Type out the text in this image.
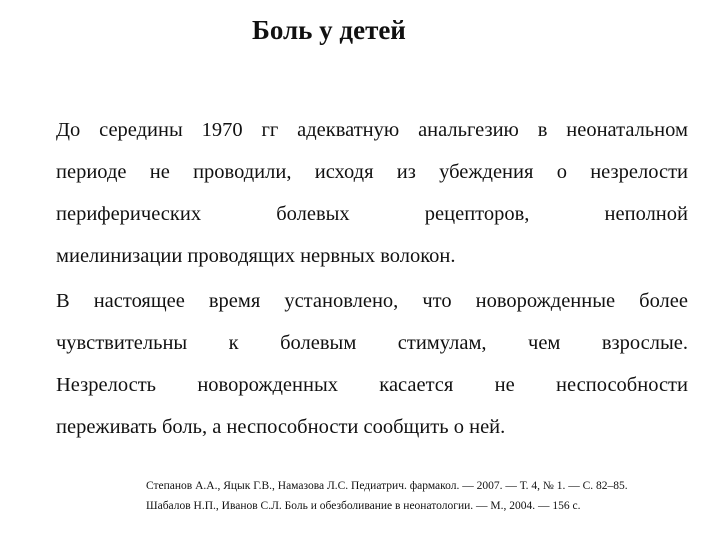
Боль у детей
До середины 1970 гг адекватную анальгезию в неонатальном
периоде не проводили, исходя из убеждения о незрелости
периферических болевых рецепторов, неполной
миелинизации проводящих нервных волокон.
В настоящее время установлено, что новорожденные более
чувствительны к болевым стимулам, чем взрослые.
Незрелость новорожденных касается не неспособности
переживать боль, а неспособности сообщить о ней.
Степанов А.А., Яцык Г.В., Намазова Л.С. Педиатрич. фармакол. — 2007. — Т. 4, № 1. — С. 82–85.
Шабалов Н.П., Иванов С.Л. Боль и обезболивание в неонатологии. — М., 2004. — 156 с.
